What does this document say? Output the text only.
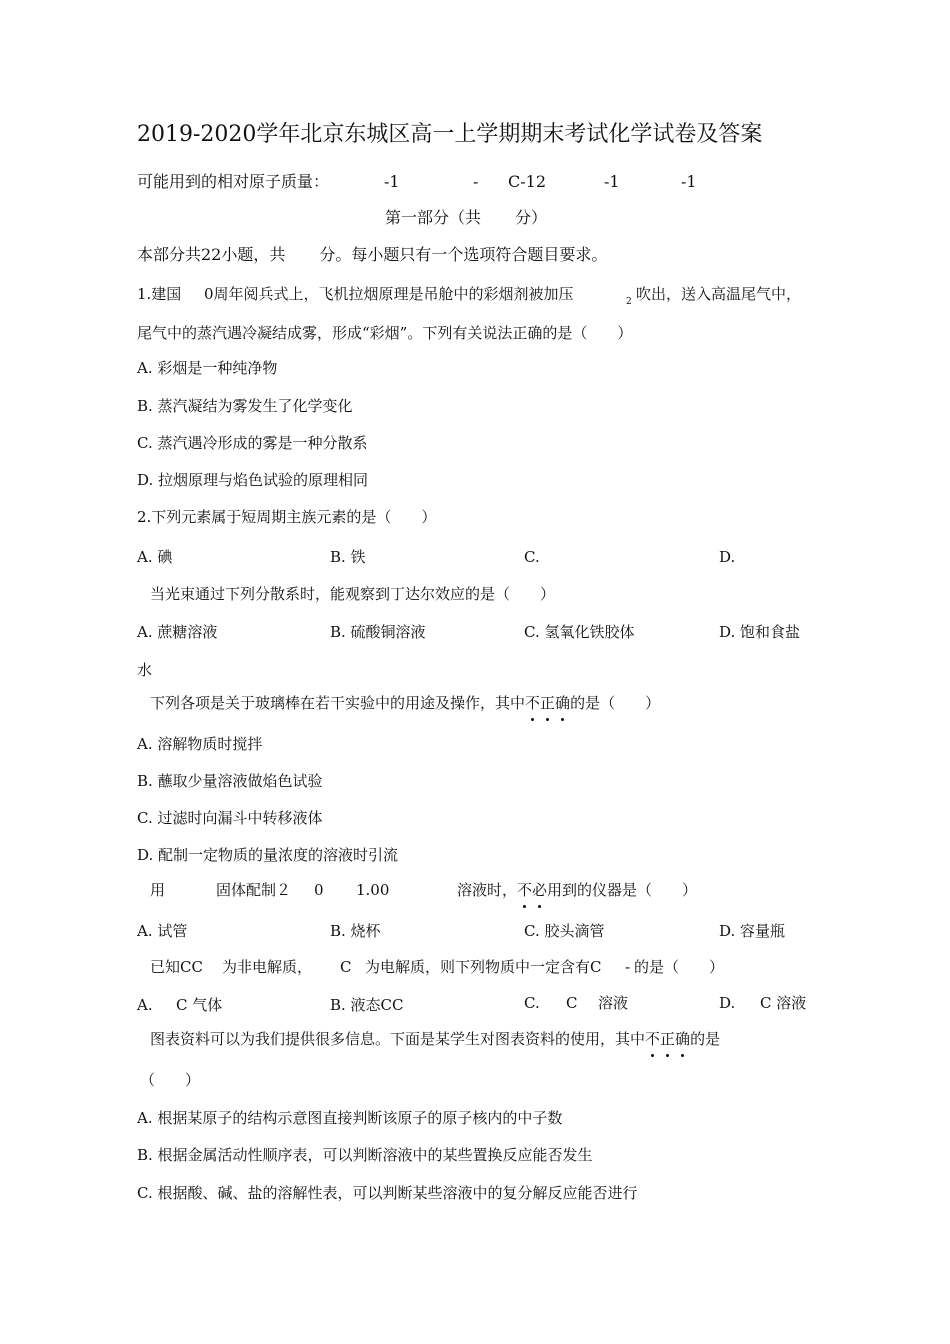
2019-2020学年北京东城区高一上学期期末考试化学试卷及答案
可能用到的相对原子质量：	-1	- C-12	-1	-1
第一部分（共 分）
本部分共22小题，共 分。每小题只有一个选项符合题目要求。
1.建国 0周年阅兵式上，飞机拉烟原理是吊舱中的彩烟剂被加压	2 吹出，送入高温尾气中，
尾气中的蒸汽遇冷凝结成雾，形成“彩烟”。下列有关说法正确的是（　　）
A. 彩烟是一种纯净物
B. 蒸汽凝结为雾发生了化学变化
C. 蒸汽遇冷形成的雾是一种分散系
D. 拉烟原理与焰色试验的原理相同
2.下列元素属于短周期主族元素的是（　　）
A. 碘	B. 铁	C.	D.
当光束通过下列分散系时，能观察到丁达尔效应的是（　　）
A. 蔗糖溶液	B. 硫酸铜溶液	C. 氢氧化铁胶体	D. 饱和食盐
水
下列各项是关于玻璃棒在若干实验中的用途及操作，其中不正确的是（　　）
A. 溶解物质时搅拌
B. 蘸取少量溶液做焰色试验
C. 过滤时向漏斗中转移液体
D. 配制一定物质的量浓度的溶液时引流
用	固体配制２ 0 1.00	溶液时，不必用到的仪器是（　　）
A. 试管	B. 烧杯	C. 胶头滴管	D. 容量瓶
已知CC 为非电解质， C 为电解质，则下列物质中一定含有C - 的是（　　）
A. C 气体	B. 液态CC	C. C 溶液	D. C 溶液
图表资料可以为我们提供很多信息。下面是某学生对图表资料的使用，其中不正确的是
（　　）
A. 根据某原子的结构示意图直接判断该原子的原子核内的中子数
B. 根据金属活动性顺序表，可以判断溶液中的某些置换反应能否发生
C. 根据酸、碱、盐的溶解性表，可以判断某些溶液中的复分解反应能否进行
